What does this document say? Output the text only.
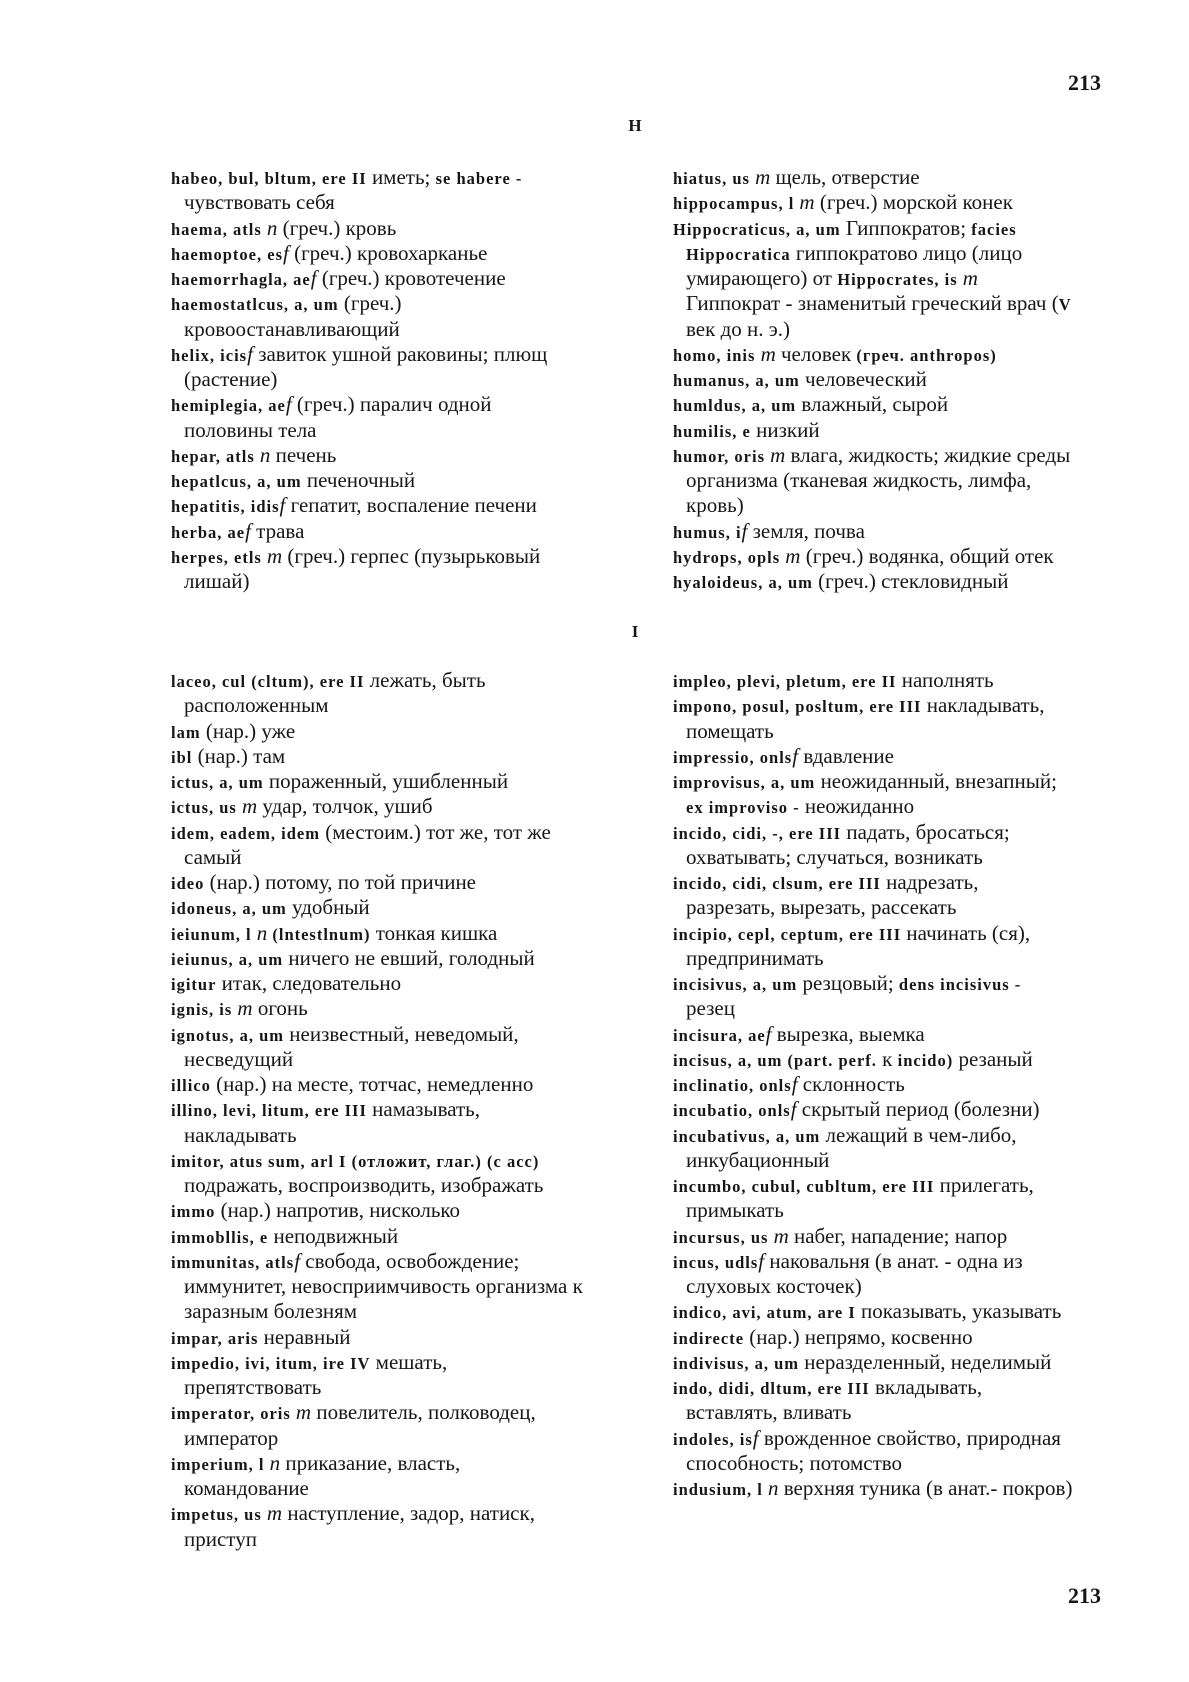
213
H
habeo, bul, bltum, ere II иметь; se habere -
чувствовать себя
haema, atls n (греч.) кровь
haemoptoe, esf (греч.) кровохарканье
haemorrhagla, aef (греч.) кровотечение
haemostatlcus, a, um (греч.)
кровоостанавливающий
helix, icisf завиток ушной раковины; плющ
(растение)
hemiplegia, aef (греч.) паралич одной
половины тела
hepar, atls n печень
hepatlcus, a, um печеночный
hepatitis, idisf гепатит, воспаление печени
herba, aef трава
herpes, etls m (греч.) герпес (пузырьковый
лишай)
hiatus, us m щель, отверстие
hippocampus, l m (греч.) морской конек
Hippocraticus, a, um Гиппократов; facies
Hippocratica гиппократово лицо (лицо
умирающего) от Hippocrates, is m
Гиппократ - знаменитый греческий врач (V
век до н. э.)
homo, inis m человек (греч. anthropos)
humanus, a, um человеческий
humldus, a, um влажный, сырой
humilis, e низкий
humor, oris m влага, жидкость; жидкие среды
организма (тканевая жидкость, лимфа,
кровь)
humus, if земля, почва
hydrops, opls m (греч.) водянка, общий отек
hyaloideus, a, um (греч.) стекловидный
I
laceo, cul (cltum), ere II лежать, быть
расположенным
lam (нар.) уже
ibl (нар.) там
ictus, a, um пораженный, ушибленный
ictus, us m удар, толчок, ушиб
idem, eadem, idem (местоим.) тот же, тот же
самый
ideo (нар.) потому, по той причине
idoneus, a, um удобный
ieiunum, l n (lntestlnum) тонкая кишка
ieiunus, a, um ничего не евший, голодный
igitur итак, следовательно
ignis, is m огонь
ignotus, a, um неизвестный, неведомый,
несведущий
illico (нар.) на месте, тотчас, немедленно
illino, levi, litum, ere III намазывать,
накладывать
imitor, atus sum, arl I (отложит, глаг.) (с acc)
подражать, воспроизводить, изображать
immo (нар.) напротив, нисколько
immobllis, e неподвижный
immunitas, atlsf свобода, освобождение;
иммунитет, невосприимчивость организма к
заразным болезням
impar, aris неравный
impedio, ivi, itum, ire IV мешать,
препятствовать
imperator, oris m повелитель, полководец,
император
imperium, l n приказание, власть,
командование
impetus, us m наступление, задор, натиск,
приступ
impleo, plevi, pletum, ere II наполнять
impono, posul, posltum, ere III накладывать,
помещать
impressio, onlsf вдавление
improvisus, a, um неожиданный, внезапный;
ex improviso - неожиданно
incido, cidi, -, ere III падать, бросаться;
охватывать; случаться, возникать
incido, cidi, clsum, ere III надрезать,
разрезать, вырезать, рассекать
incipio, cepl, ceptum, ere III начинать (ся),
предпринимать
incisivus, a, um резцовый; dens incisivus -
резец
incisura, aef вырезка, выемка
incisus, a, um (part. perf. к incido) резаный
inclinatio, onlsf склонность
incubatio, onlsf скрытый период (болезни)
incubativus, a, um лежащий в чем-либо,
инкубационный
incumbo, cubul, cubltum, ere III прилегать,
примыкать
incursus, us m набег, нападение; напор
incus, udlsf наковальня (в анат. - одна из
слуховых косточек)
indico, avi, atum, are I показывать, указывать
indirecte (нар.) непрямо, косвенно
indivisus, a, um неразделенный, неделимый
indo, didi, dltum, ere III вкладывать,
вставлять, вливать
indoles, isf врожденное свойство, природная
способность; потомство
indusium, l n верхняя туника (в анат.- покров)
213
